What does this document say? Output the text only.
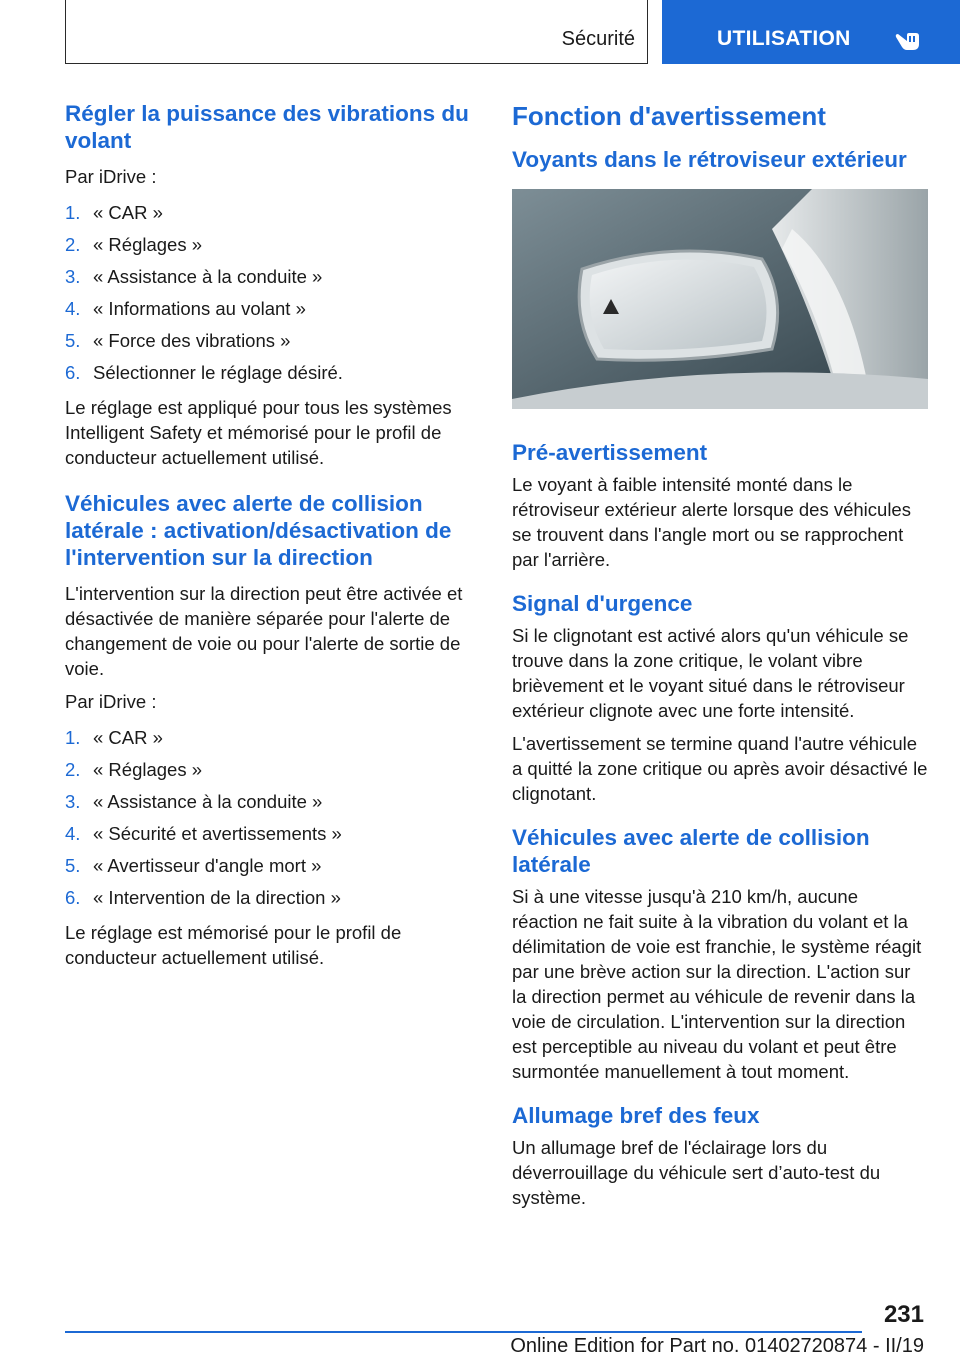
Sécurité	UTILISATION
Régler la puissance des vibrations du volant

Par iDrive :

1. « CAR »
2. « Réglages »
3. « Assistance à la conduite »
4. « Informations au volant »
5. « Force des vibrations »
6. Sélectionner le réglage désiré.

Le réglage est appliqué pour tous les systèmes Intelligent Safety et mémorisé pour le profil de conducteur actuellement utilisé.

Véhicules avec alerte de collision latérale : activation/désactivation de l'intervention sur la direction

L'intervention sur la direction peut être activée et désactivée de manière séparée pour l'alerte de changement de voie ou pour l'alerte de sortie de voie.

Par iDrive :

1. « CAR »
2. « Réglages »
3. « Assistance à la conduite »
4. « Sécurité et avertissements »
5. « Avertisseur d'angle mort »
6. « Intervention de la direction »

Le réglage est mémorisé pour le profil de conducteur actuellement utilisé.

Fonction d'avertissement
Voyants dans le rétroviseur extérieur
Pré-avertissement

Le voyant à faible intensité monté dans le rétroviseur extérieur alerte lorsque des véhicules se trouvent dans l'angle mort ou se rapprochent par l'arrière.

Signal d'urgence

Si le clignotant est activé alors qu'un véhicule se trouve dans la zone critique, le volant vibre brièvement et le voyant situé dans le rétroviseur extérieur clignote avec une forte intensité.

L'avertissement se termine quand l'autre véhicule a quitté la zone critique ou après avoir désactivé le clignotant.

Véhicules avec alerte de collision latérale

Si à une vitesse jusqu'à 210 km/h, aucune réaction ne fait suite à la vibration du volant et la délimitation de voie est franchie, le système réagit par une brève action sur la direction. L'action sur la direction permet au véhicule de revenir dans la voie de circulation. L'intervention sur la direction est perceptible au niveau du volant et peut être surmontée manuellement à tout moment.

Allumage bref des feux

Un allumage bref de l'éclairage lors du déverrouillage du véhicule sert d’auto-test du système.

231
Online Edition for Part no. 01402720874 - II/19
